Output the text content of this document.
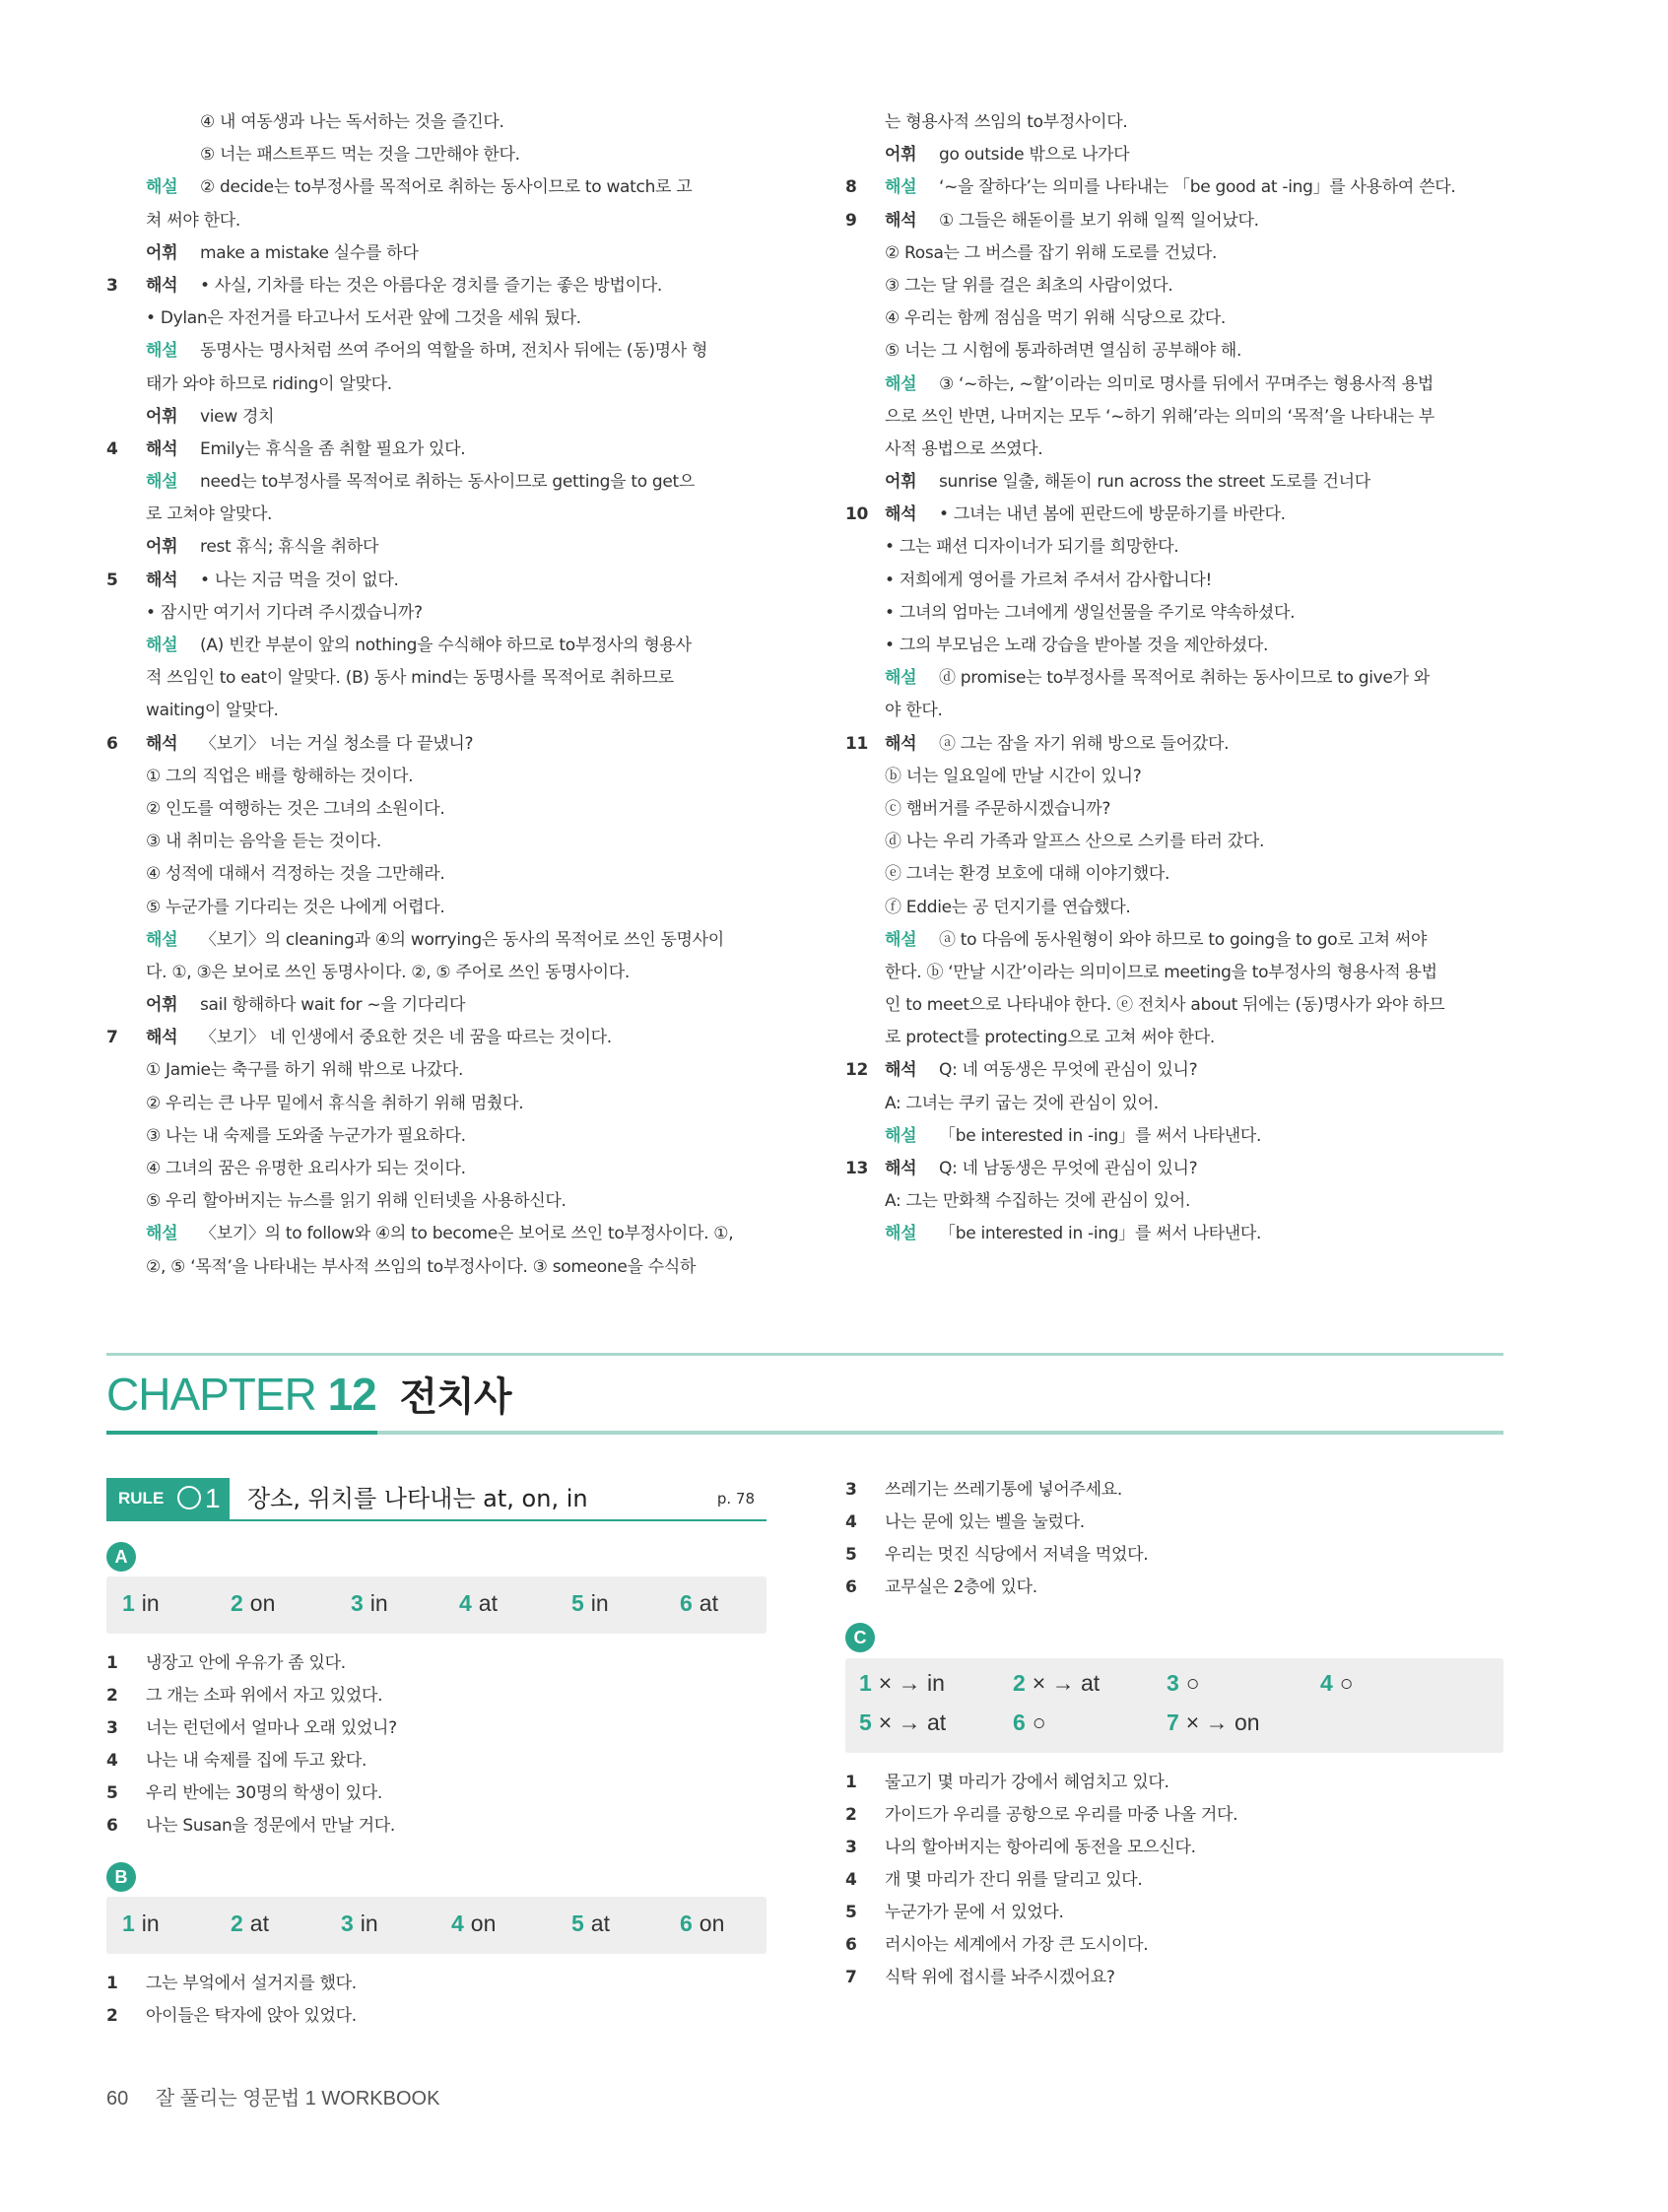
④ 내 여동생과 나는 독서하는 것을 즐긴다.
⑤ 너는 패스트푸드 먹는 것을 그만해야 한다.
해설 ② decide는 to부정사를 목적어로 취하는 동사이므로 to watch로 고
쳐 써야 한다.
어휘 make a mistake 실수를 하다
3	해석 • 사실, 기차를 타는 것은 아름다운 경치를 즐기는 좋은 방법이다.
• Dylan은 자전거를 타고나서 도서관 앞에 그것을 세워 뒀다.
해설 동명사는 명사처럼 쓰여 주어의 역할을 하며, 전치사 뒤에는 (동)명사 형
태가 와야 하므로 riding이 알맞다.
어휘 view 경치
4	해석 Emily는 휴식을 좀 취할 필요가 있다.
해설 need는 to부정사를 목적어로 취하는 동사이므로 getting을 to get으
로 고쳐야 알맞다.
어휘 rest 휴식; 휴식을 취하다
5	해석 • 나는 지금 먹을 것이 없다.
• 잠시만 여기서 기다려 주시겠습니까?
해설 (A) 빈칸 부분이 앞의 nothing을 수식해야 하므로 to부정사의 형용사
적 쓰임인 to eat이 알맞다. (B) 동사 mind는 동명사를 목적어로 취하므로
waiting이 알맞다.
6	해석 〈보기〉 너는 거실 청소를 다 끝냈니?
① 그의 직업은 배를 항해하는 것이다.
② 인도를 여행하는 것은 그녀의 소원이다.
③ 내 취미는 음악을 듣는 것이다.
④ 성적에 대해서 걱정하는 것을 그만해라.
⑤ 누군가를 기다리는 것은 나에게 어렵다.
해설 〈보기〉의 cleaning과 ④의 worrying은 동사의 목적어로 쓰인 동명사이
다. ①, ③은 보어로 쓰인 동명사이다. ②, ⑤ 주어로 쓰인 동명사이다.
어휘 sail 항해하다 wait for ~을 기다리다
7	해석 〈보기〉 네 인생에서 중요한 것은 네 꿈을 따르는 것이다.
① Jamie는 축구를 하기 위해 밖으로 나갔다.
② 우리는 큰 나무 밑에서 휴식을 취하기 위해 멈췄다.
③ 나는 내 숙제를 도와줄 누군가가 필요하다.
④ 그녀의 꿈은 유명한 요리사가 되는 것이다.
⑤ 우리 할아버지는 뉴스를 읽기 위해 인터넷을 사용하신다.
해설 〈보기〉의 to follow와 ④의 to become은 보어로 쓰인 to부정사이다. ①,
②, ⑤ ‘목적’을 나타내는 부사적 쓰임의 to부정사이다. ③ someone을 수식하
는 형용사적 쓰임의 to부정사이다.
어휘 go outside 밖으로 나가다
8	해설 ‘~을 잘하다’는 의미를 나타내는 「be good at -ing」를 사용하여 쓴다.
9	해석 ① 그들은 해돋이를 보기 위해 일찍 일어났다.
② Rosa는 그 버스를 잡기 위해 도로를 건넜다.
③ 그는 달 위를 걸은 최초의 사람이었다.
④ 우리는 함께 점심을 먹기 위해 식당으로 갔다.
⑤ 너는 그 시험에 통과하려면 열심히 공부해야 해.
해설 ③ ‘~하는, ~할’이라는 의미로 명사를 뒤에서 꾸며주는 형용사적 용법
으로 쓰인 반면, 나머지는 모두 ‘~하기 위해’라는 의미의 ‘목적’을 나타내는 부
사적 용법으로 쓰였다.
어휘 sunrise 일출, 해돋이 run across the street 도로를 건너다
10 해석 • 그녀는 내년 봄에 핀란드에 방문하기를 바란다.
• 그는 패션 디자이너가 되기를 희망한다.
• 저희에게 영어를 가르쳐 주셔서 감사합니다!
• 그녀의 엄마는 그녀에게 생일선물을 주기로 약속하셨다.
• 그의 부모님은 노래 강습을 받아볼 것을 제안하셨다.
해설 ⓓ promise는 to부정사를 목적어로 취하는 동사이므로 to give가 와
야 한다.
11 해석 ⓐ 그는 잠을 자기 위해 방으로 들어갔다.
ⓑ 너는 일요일에 만날 시간이 있니?
ⓒ 햄버거를 주문하시겠습니까?
ⓓ 나는 우리 가족과 알프스 산으로 스키를 타러 갔다.
ⓔ 그녀는 환경 보호에 대해 이야기했다.
ⓕ Eddie는 공 던지기를 연습했다.
해설 ⓐ to 다음에 동사원형이 와야 하므로 to going을 to go로 고쳐 써야
한다. ⓑ ‘만날 시간’이라는 의미이므로 meeting을 to부정사의 형용사적 용법
인 to meet으로 나타내야 한다. ⓔ 전치사 about 뒤에는 (동)명사가 와야 하므
로 protect를 protecting으로 고쳐 써야 한다.
12 해석 Q: 네 여동생은 무엇에 관심이 있니?
A: 그녀는 쿠키 굽는 것에 관심이 있어.
해설 「be interested in -ing」를 써서 나타낸다.
13 해석 Q: 네 남동생은 무엇에 관심이 있니?
A: 그는 만화책 수집하는 것에 관심이 있어.
해설 「be interested in -ing」를 써서 나타낸다.
CHAPTER 12 전치사
RULE	1 장소, 위치를 나타내는 at, on, in	p. 78
A
1 in	2 on	3 in	4 at	5 in	6 at
1	냉장고 안에 우유가 좀 있다.
2	그 개는 소파 위에서 자고 있었다.
3	너는 런던에서 얼마나 오래 있었니?
4	나는 내 숙제를 집에 두고 왔다.
5	우리 반에는 30명의 학생이 있다.
6	나는 Susan을 정문에서 만날 거다.
B
1 in	2 at	3 in	4 on	5 at	6 on
1	그는 부엌에서 설거지를 했다.
2	아이들은 탁자에 앉아 있었다.
C
1 × → in	2 × → at	3 ○	4 ○
5 × → at	6 ○	7 × → on
1	물고기 몇 마리가 강에서 헤엄치고 있다.
2	가이드가 우리를 공항으로 우리를 마중 나올 거다.
3	나의 할아버지는 항아리에 동전을 모으신다.
4	개 몇 마리가 잔디 위를 달리고 있다.
5	누군가가 문에 서 있었다.
6	러시아는 세계에서 가장 큰 도시이다.
7	식탁 위에 접시를 놔주시겠어요?
60 잘 풀리는 영문법 1 WORKBOOK
3	쓰레기는 쓰레기통에 넣어주세요.
4	나는 문에 있는 벨을 눌렀다.
5	우리는 멋진 식당에서 저녁을 먹었다.
6	교무실은 2층에 있다.
